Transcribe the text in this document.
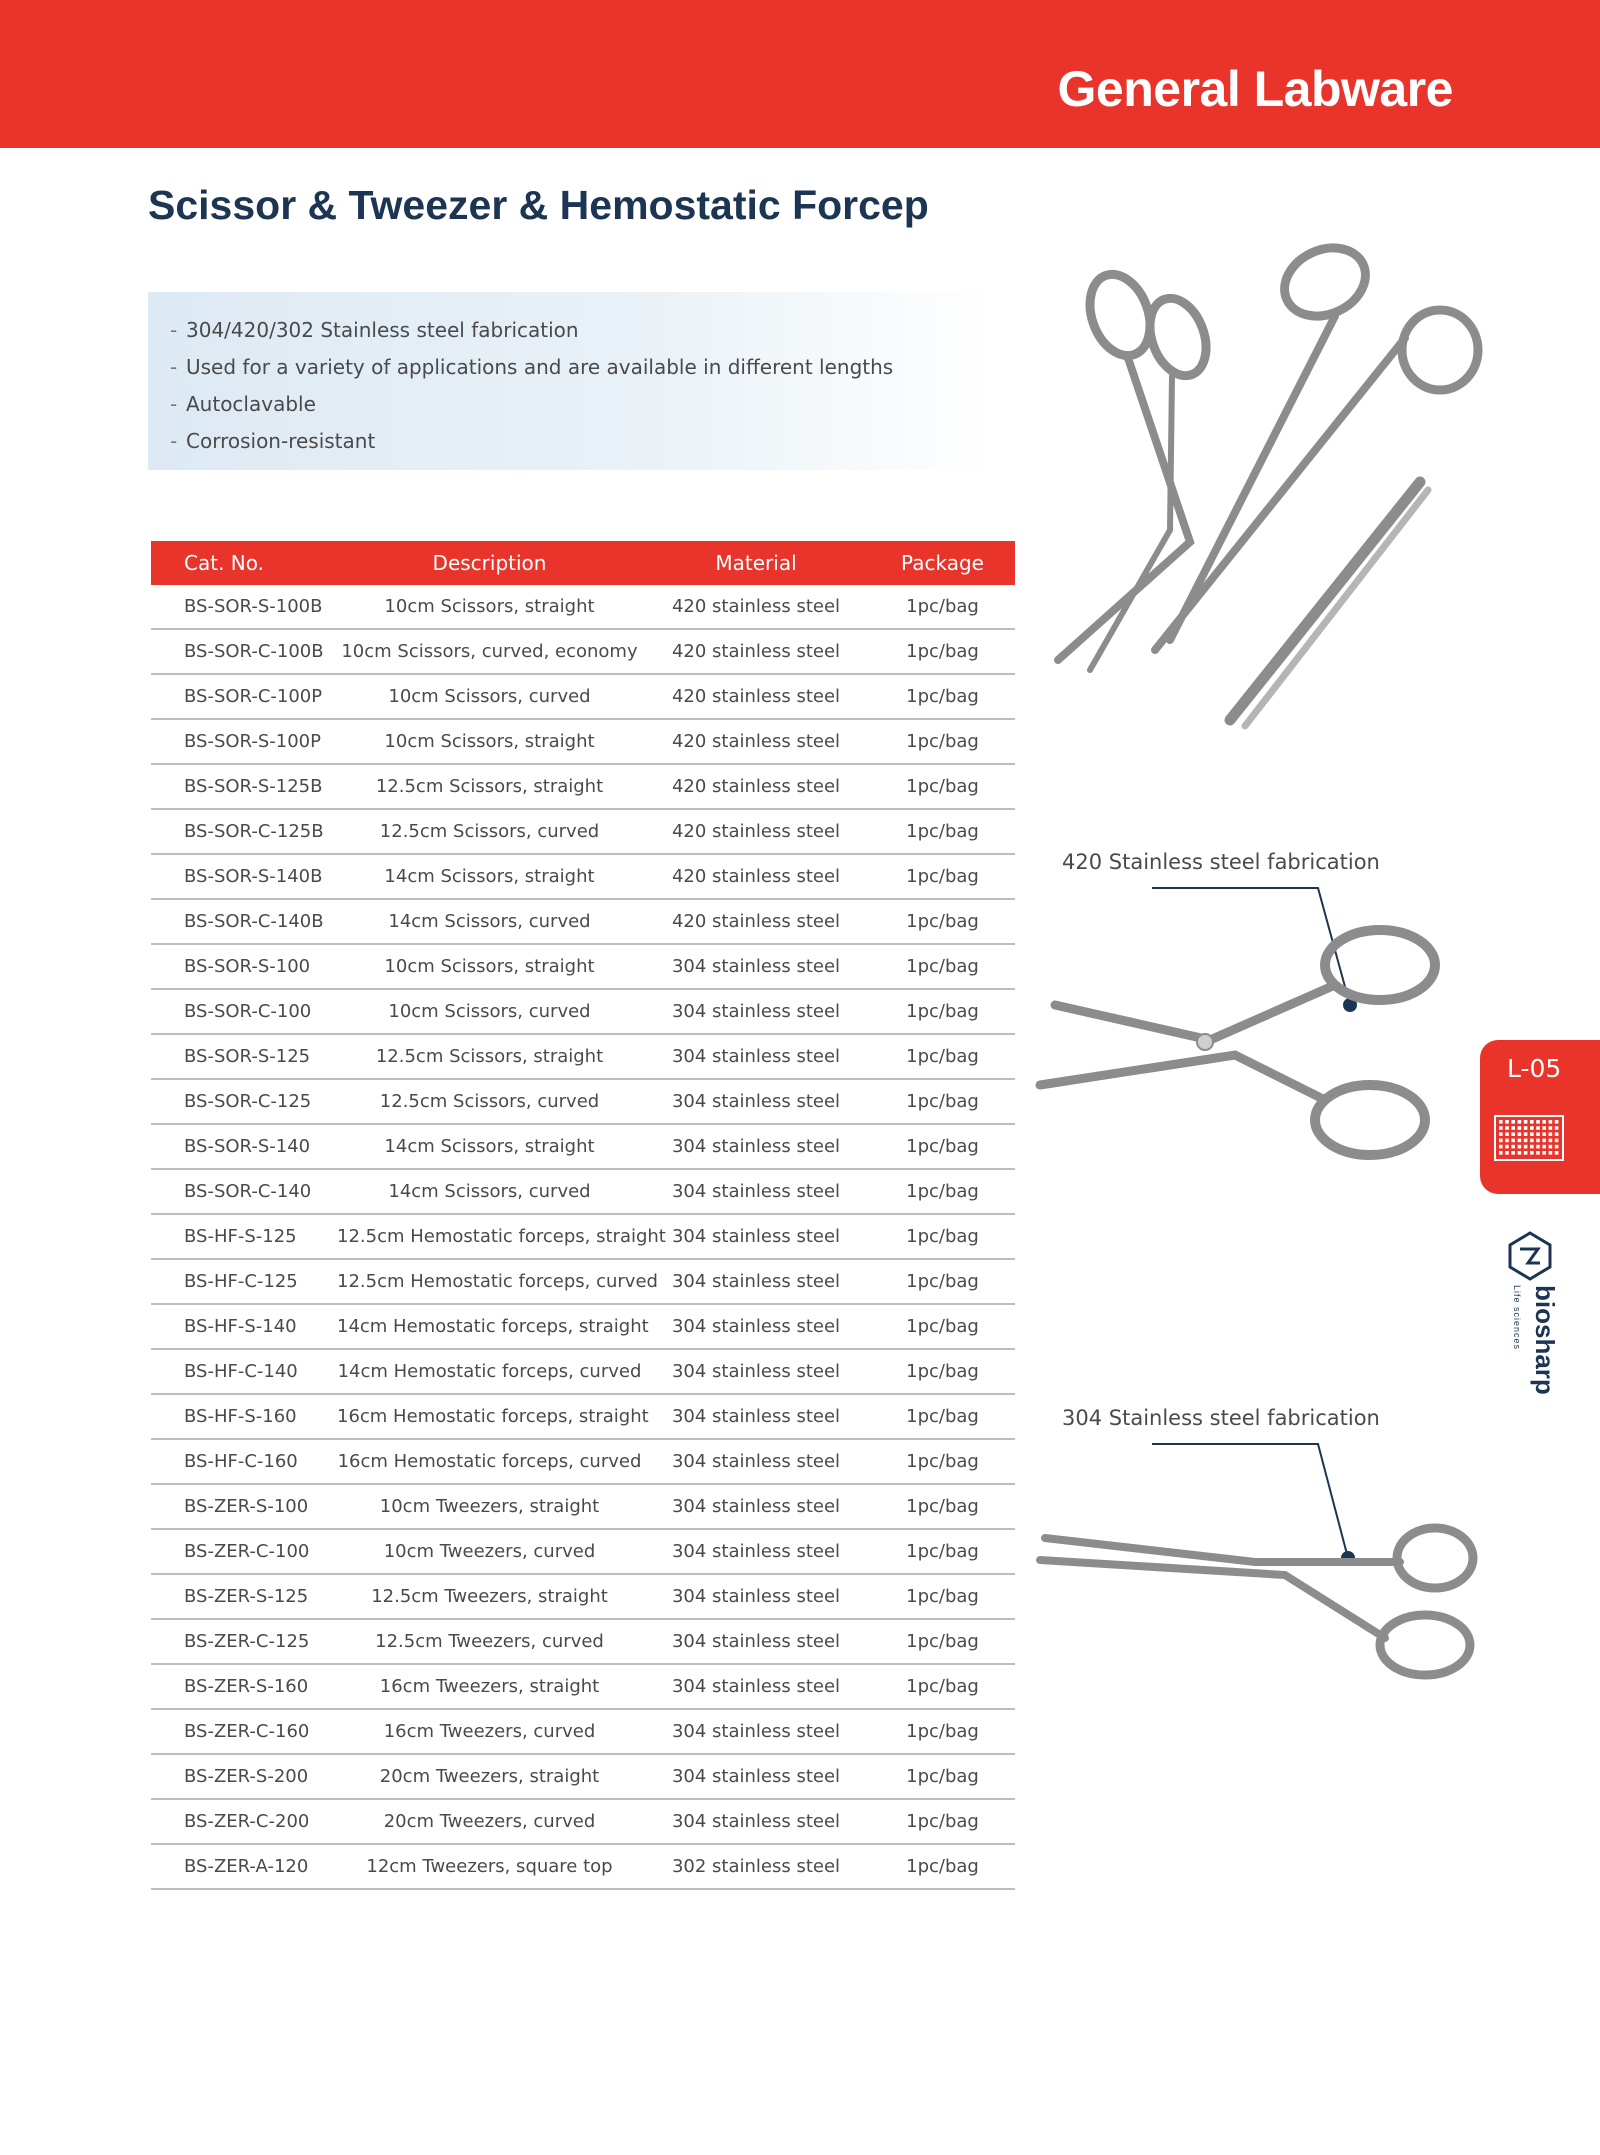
General Labware
Scissor & Tweezer & Hemostatic Forcep
- 304/420/302 Stainless steel fabrication
- Used for a variety of applications and are available in different lengths
- Autoclavable
- Corrosion-resistant
Cat. No.	Description	Material	Package
BS-SOR-S-100B	10cm Scissors, straight	420 stainless steel	1pc/bag
BS-SOR-C-100B	10cm Scissors, curved, economy	420 stainless steel	1pc/bag
BS-SOR-C-100P	10cm Scissors, curved	420 stainless steel	1pc/bag
BS-SOR-S-100P	10cm Scissors, straight	420 stainless steel	1pc/bag
BS-SOR-S-125B	12.5cm Scissors, straight	420 stainless steel	1pc/bag
BS-SOR-C-125B	12.5cm Scissors, curved	420 stainless steel	1pc/bag
BS-SOR-S-140B	14cm Scissors, straight	420 stainless steel	1pc/bag
BS-SOR-C-140B	14cm Scissors, curved	420 stainless steel	1pc/bag
BS-SOR-S-100	10cm Scissors, straight	304 stainless steel	1pc/bag
BS-SOR-C-100	10cm Scissors, curved	304 stainless steel	1pc/bag
BS-SOR-S-125	12.5cm Scissors, straight	304 stainless steel	1pc/bag
BS-SOR-C-125	12.5cm Scissors, curved	304 stainless steel	1pc/bag
BS-SOR-S-140	14cm Scissors, straight	304 stainless steel	1pc/bag
BS-SOR-C-140	14cm Scissors, curved	304 stainless steel	1pc/bag
BS-HF-S-125	12.5cm Hemostatic forceps, straight	304 stainless steel	1pc/bag
BS-HF-C-125	12.5cm Hemostatic forceps, curved	304 stainless steel	1pc/bag
BS-HF-S-140	14cm Hemostatic forceps, straight	304 stainless steel	1pc/bag
BS-HF-C-140	14cm Hemostatic forceps, curved	304 stainless steel	1pc/bag
BS-HF-S-160	16cm Hemostatic forceps, straight	304 stainless steel	1pc/bag
BS-HF-C-160	16cm Hemostatic forceps, curved	304 stainless steel	1pc/bag
BS-ZER-S-100	10cm Tweezers, straight	304 stainless steel	1pc/bag
BS-ZER-C-100	10cm Tweezers, curved	304 stainless steel	1pc/bag
BS-ZER-S-125	12.5cm Tweezers, straight	304 stainless steel	1pc/bag
BS-ZER-C-125	12.5cm Tweezers, curved	304 stainless steel	1pc/bag
BS-ZER-S-160	16cm Tweezers, straight	304 stainless steel	1pc/bag
BS-ZER-C-160	16cm Tweezers, curved	304 stainless steel	1pc/bag
BS-ZER-S-200	20cm Tweezers, straight	304 stainless steel	1pc/bag
BS-ZER-C-200	20cm Tweezers, curved	304 stainless steel	1pc/bag
BS-ZER-A-120	12cm Tweezers, square top	302 stainless steel	1pc/bag
420 Stainless steel fabrication
304 Stainless steel fabrication
L-05
biosharp
Life sciences
